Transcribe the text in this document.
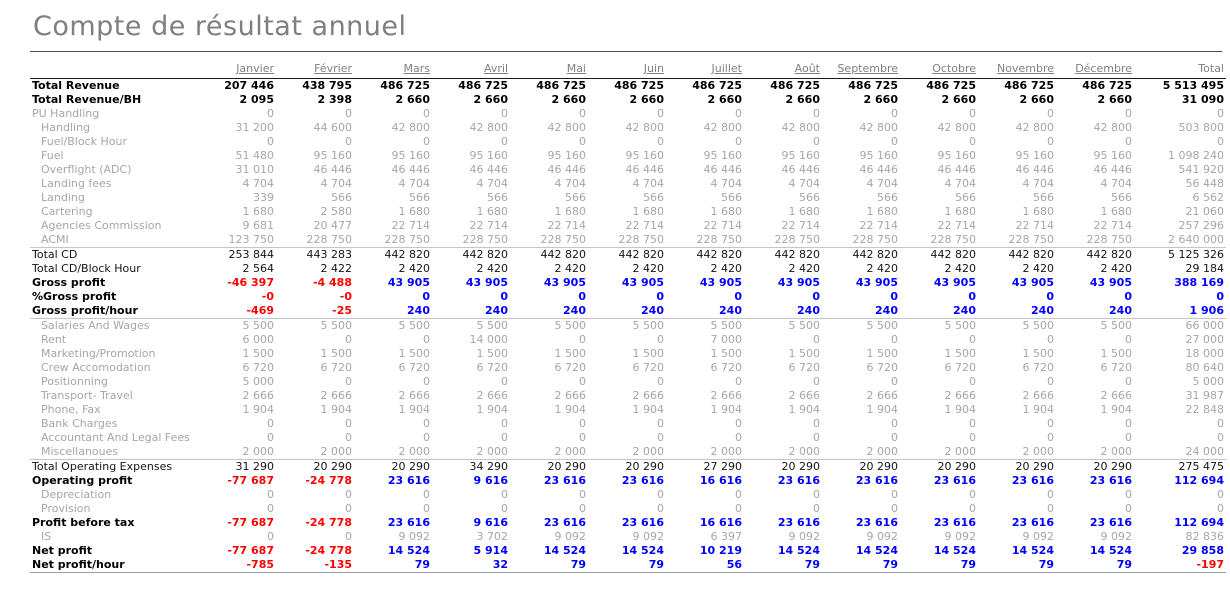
Compte de résultat annuel
	Janvier	Février	Mars	Avril	Mai	Juin	Juillet	Août	Septembre	Octobre	Novembre	Décembre	Total
Total Revenue	207 446	438 795	486 725	486 725	486 725	486 725	486 725	486 725	486 725	486 725	486 725	486 725	5 513 495
Total Revenue/BH	2 095	2 398	2 660	2 660	2 660	2 660	2 660	2 660	2 660	2 660	2 660	2 660	31 090
PU Handling	0	0	0	0	0	0	0	0	0	0	0	0	0
Handling	31 200	44 600	42 800	42 800	42 800	42 800	42 800	42 800	42 800	42 800	42 800	42 800	503 800
Fuel/Block Hour	0	0	0	0	0	0	0	0	0	0	0	0	0
Fuel	51 480	95 160	95 160	95 160	95 160	95 160	95 160	95 160	95 160	95 160	95 160	95 160	1 098 240
Overflight (ADC)	31 010	46 446	46 446	46 446	46 446	46 446	46 446	46 446	46 446	46 446	46 446	46 446	541 920
Landing fees	4 704	4 704	4 704	4 704	4 704	4 704	4 704	4 704	4 704	4 704	4 704	4 704	56 448
Landing	339	566	566	566	566	566	566	566	566	566	566	566	6 562
Cartering	1 680	2 580	1 680	1 680	1 680	1 680	1 680	1 680	1 680	1 680	1 680	1 680	21 060
Agencies Commission	9 681	20 477	22 714	22 714	22 714	22 714	22 714	22 714	22 714	22 714	22 714	22 714	257 296
ACMI	123 750	228 750	228 750	228 750	228 750	228 750	228 750	228 750	228 750	228 750	228 750	228 750	2 640 000
Total CD	253 844	443 283	442 820	442 820	442 820	442 820	442 820	442 820	442 820	442 820	442 820	442 820	5 125 326
Total CD/Block Hour	2 564	2 422	2 420	2 420	2 420	2 420	2 420	2 420	2 420	2 420	2 420	2 420	29 184
Gross profit	-46 397	-4 488	43 905	43 905	43 905	43 905	43 905	43 905	43 905	43 905	43 905	43 905	388 169
%Gross profit	-0	-0	0	0	0	0	0	0	0	0	0	0	0
Gross profit/hour	-469	-25	240	240	240	240	240	240	240	240	240	240	1 906
Salaries And Wages	5 500	5 500	5 500	5 500	5 500	5 500	5 500	5 500	5 500	5 500	5 500	5 500	66 000
Rent	6 000	0	0	14 000	0	0	7 000	0	0	0	0	0	27 000
Marketing/Promotion	1 500	1 500	1 500	1 500	1 500	1 500	1 500	1 500	1 500	1 500	1 500	1 500	18 000
Crew Accomodation	6 720	6 720	6 720	6 720	6 720	6 720	6 720	6 720	6 720	6 720	6 720	6 720	80 640
Positionning	5 000	0	0	0	0	0	0	0	0	0	0	0	5 000
Transport- Travel	2 666	2 666	2 666	2 666	2 666	2 666	2 666	2 666	2 666	2 666	2 666	2 666	31 987
Phone, Fax	1 904	1 904	1 904	1 904	1 904	1 904	1 904	1 904	1 904	1 904	1 904	1 904	22 848
Bank Charges	0	0	0	0	0	0	0	0	0	0	0	0	0
Accountant And Legal Fees	0	0	0	0	0	0	0	0	0	0	0	0	0
Miscellanoues	2 000	2 000	2 000	2 000	2 000	2 000	2 000	2 000	2 000	2 000	2 000	2 000	24 000
Total Operating Expenses	31 290	20 290	20 290	34 290	20 290	20 290	27 290	20 290	20 290	20 290	20 290	20 290	275 475
Operating profit	-77 687	-24 778	23 616	9 616	23 616	23 616	16 616	23 616	23 616	23 616	23 616	23 616	112 694
Depreciation	0	0	0	0	0	0	0	0	0	0	0	0	0
Provision	0	0	0	0	0	0	0	0	0	0	0	0	0
Profit before tax	-77 687	-24 778	23 616	9 616	23 616	23 616	16 616	23 616	23 616	23 616	23 616	23 616	112 694
IS	0	0	9 092	3 702	9 092	9 092	6 397	9 092	9 092	9 092	9 092	9 092	82 836
Net profit	-77 687	-24 778	14 524	5 914	14 524	14 524	10 219	14 524	14 524	14 524	14 524	14 524	29 858
Net profit/hour	-785	-135	79	32	79	79	56	79	79	79	79	79	-197
